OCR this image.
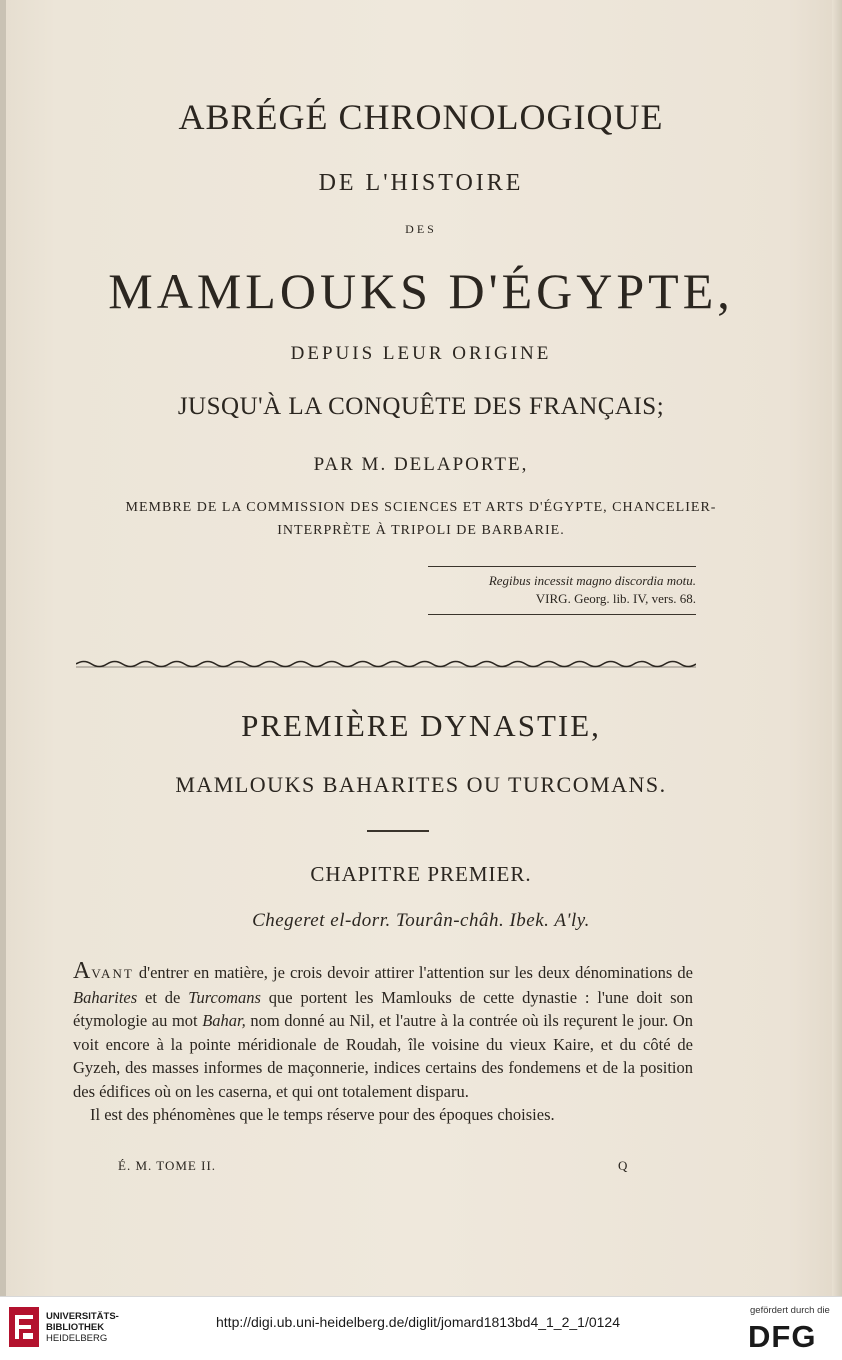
ABRÉGÉ CHRONOLOGIQUE
DE L'HISTOIRE
DES
MAMLOUKS D'ÉGYPTE,
DEPUIS LEUR ORIGINE
JUSQU'À LA CONQUÊTE DES FRANÇAIS;
PAR M. DELAPORTE,
MEMBRE DE LA COMMISSION DES SCIENCES ET ARTS D'ÉGYPTE, CHANCELIER-
INTERPRÈTE À TRIPOLI DE BARBARIE.
Regibus incessit magno discordia motu.
VIRG. Georg. lib. IV, vers. 68.
PREMIÈRE DYNASTIE,
MAMLOUKS BAHARITES OU TURCOMANS.
CHAPITRE PREMIER.
Chegeret el-dorr. Tourân-châh. Ibek. A'ly.

AVANT d'entrer en matière, je crois devoir attirer l'attention sur les deux dénominations de Baharites et de Turcomans que portent les Mamlouks de cette dynastie : l'une doit son étymologie au mot Bahar, nom donné au Nil, et l'autre à la contrée où ils reçurent le jour. On voit encore à la pointe méridionale de Roudah, île voisine du vieux Kaire, et du côté de Gyzeh, des masses informes de maçonnerie, indices certains des fondemens et de la position des édifices où on les caserna, et qui ont totalement disparu.

Il est des phénomènes que le temps réserve pour des époques choisies.

É. M. TOME II.	Q
UNIVERSITÄTS-
BIBLIOTHEK
HEIDELBERG
http://digi.ub.uni-heidelberg.de/diglit/jomard1813bd4_1_2_1/0124
gefördert durch die
DFG
